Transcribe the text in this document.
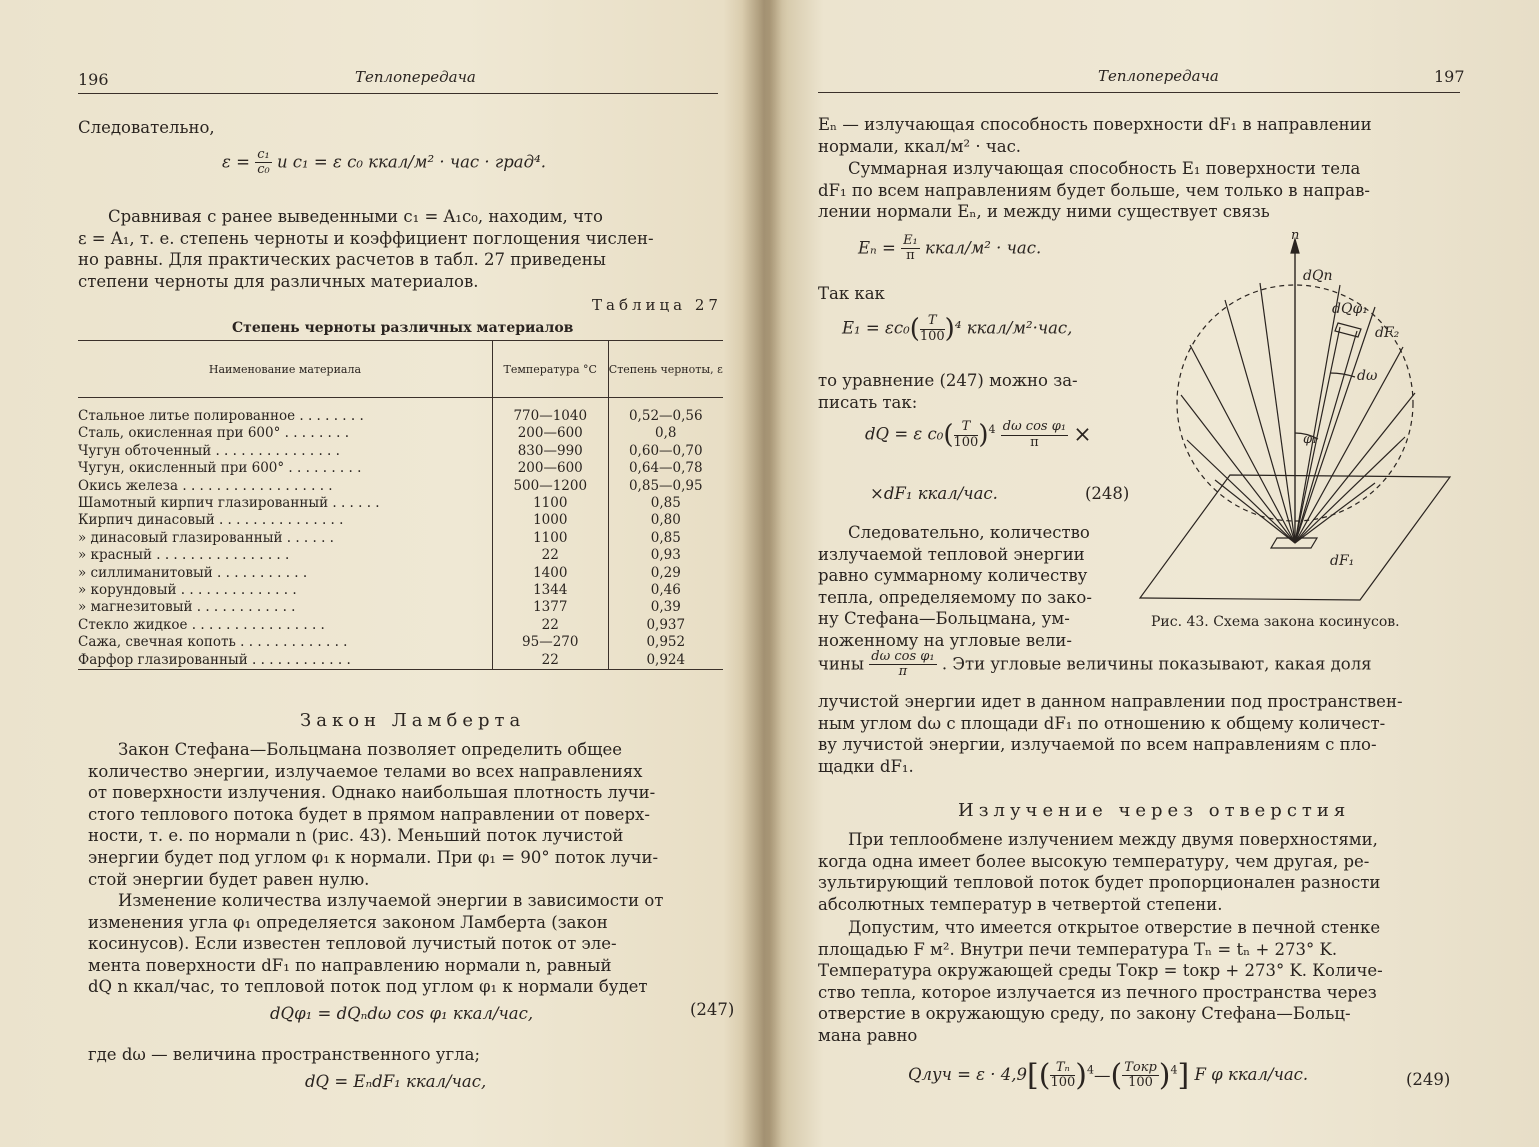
196	Теплопередача
Следовательно,
$\varepsilon = \frac{\text{c₁}}{\text{c₀}}$ и c₁ = ε c₀ ккал/м² · час · град⁴.
Сравнивая с ранее выведенными c₁ = A₁c₀, находим, что
ε = A₁, т. е. степень черноты и коэффициент поглощения числен-
но равны. Для практических расчетов в табл. 27 приведены
степени черноты для различных материалов.
Таблица 27
Степень черноты различных материалов
Наименование материала	Температура °C	Степень черноты, ε
Стальное литье полированное . . . . . . . .	770—1040	0,52—0,56
Сталь, окисленная при 600° . . . . . . . .	200—600	0,8
Чугун обточенный . . . . . . . . . . . . . . .	830—990	0,60—0,70
Чугун, окисленный при 600° . . . . . . . . .	200—600	0,64—0,78
Окись железа . . . . . . . . . . . . . . . . . .	500—1200	0,85—0,95
Шамотный кирпич глазированный . . . . . .	1100	0,85
Кирпич динасовый . . . . . . . . . . . . . . .	1000	0,80
» динасовый глазированный . . . . . .	1100	0,85
» красный . . . . . . . . . . . . . . . .	22	0,93
» силлиманитовый . . . . . . . . . . .	1400	0,29
» корундовый . . . . . . . . . . . . . .	1344	0,46
» магнезитовый . . . . . . . . . . . .	1377	0,39
Стекло жидкое . . . . . . . . . . . . . . . .	22	0,937
Сажа, свечная копоть . . . . . . . . . . . . .	95—270	0,952
Фарфор глазированный . . . . . . . . . . . .	22	0,924
Закон Ламберта
Закон Стефана—Больцмана позволяет определить общее
количество энергии, излучаемое телами во всех направлениях
от поверхности излучения. Однако наибольшая плотность лучи-
стого теплового потока будет в прямом направлении от поверх-
ности, т. е. по нормали n (рис. 43). Меньший поток лучистой
энергии будет под углом φ₁ к нормали. При φ₁ = 90° поток лучи-
стой энергии будет равен нулю.
Изменение количества излучаемой энергии в зависимости от
изменения угла φ₁ определяется законом Ламберта (закон
косинусов). Если известен тепловой лучистый поток от эле-
мента поверхности dF₁ по направлению нормали n, равный
dQ n ккал/час, то тепловой поток под углом φ₁ к нормали будет
dQφ₁ = dQₙdω cos φ₁ ккал/час,	(247)
где dω — величина пространственного угла;
dQ = EₙdF₁ ккал/час,
Теплопередача	197
Eₙ — излучающая способность поверхности dF₁ в направлении
нормали, ккал/м² · час.
Суммарная излучающая способность E₁ поверхности тела
dF₁ по всем направлениям будет больше, чем только в направ-
лении нормали Eₙ, и между ними существует связь
$E_n = \frac{\text{E₁}}{\pi}$ ккал/м² · час.
Так как
$E_1 = \varepsilon c_0( \frac{T}{100} )^4$ ккал/м²·час,
то уравнение (247) можно за-
писать так:
dQ = ε $c_0( \frac{T}{100} )^4 \frac{\text{dω cos φ₁}}{\pi}$ ×
×dF₁ ккал/час.	(248)
Следовательно, количество
излучаемой тепловой энергии
равно суммарному количеству
тепла, определяемому по зако-
ну Стефана—Больцмана, ум-
ноженному на угловые вели-
чины $\frac{\text{dω cos φ₁}}{\pi}$ . Эти угловые величины показывают, какая доля
лучистой энергии идет в данном направлении под пространствен-
ным углом dω с площади dF₁ по отношению к общему количест-
ву лучистой энергии, излучаемой по всем направлениям с пло-
щадки dF₁.
Излучение через отверстия
При теплообмене излучением между двумя поверхностями,
когда одна имеет более высокую температуру, чем другая, ре-
зультирующий тепловой поток будет пропорционален разности
абсолютных температур в четвертой степени.
Допустим, что имеется открытое отверстие в печной стенке
площадью F м². Внутри печи температура Tₙ = tₙ + 273° K.
Температура окружающей среды Tокр = tокр + 273° K. Количе-
ство тепла, которое излучается из печного пространства через
отверстие в окружающую среду, по закону Стефана—Больц-
мана равно
Qлуч = $\varepsilon \cdot 4,9[( \frac{\text{Tₙ}}{100}$ )$^4—( \frac{\text{Tокр}}{100} )^4$] F φ ккал/час.	(249)
n
dQn
dQφ₁
dF₂
dω
φ₁
dF₁
Рис. 43. Схема закона косинусов.
